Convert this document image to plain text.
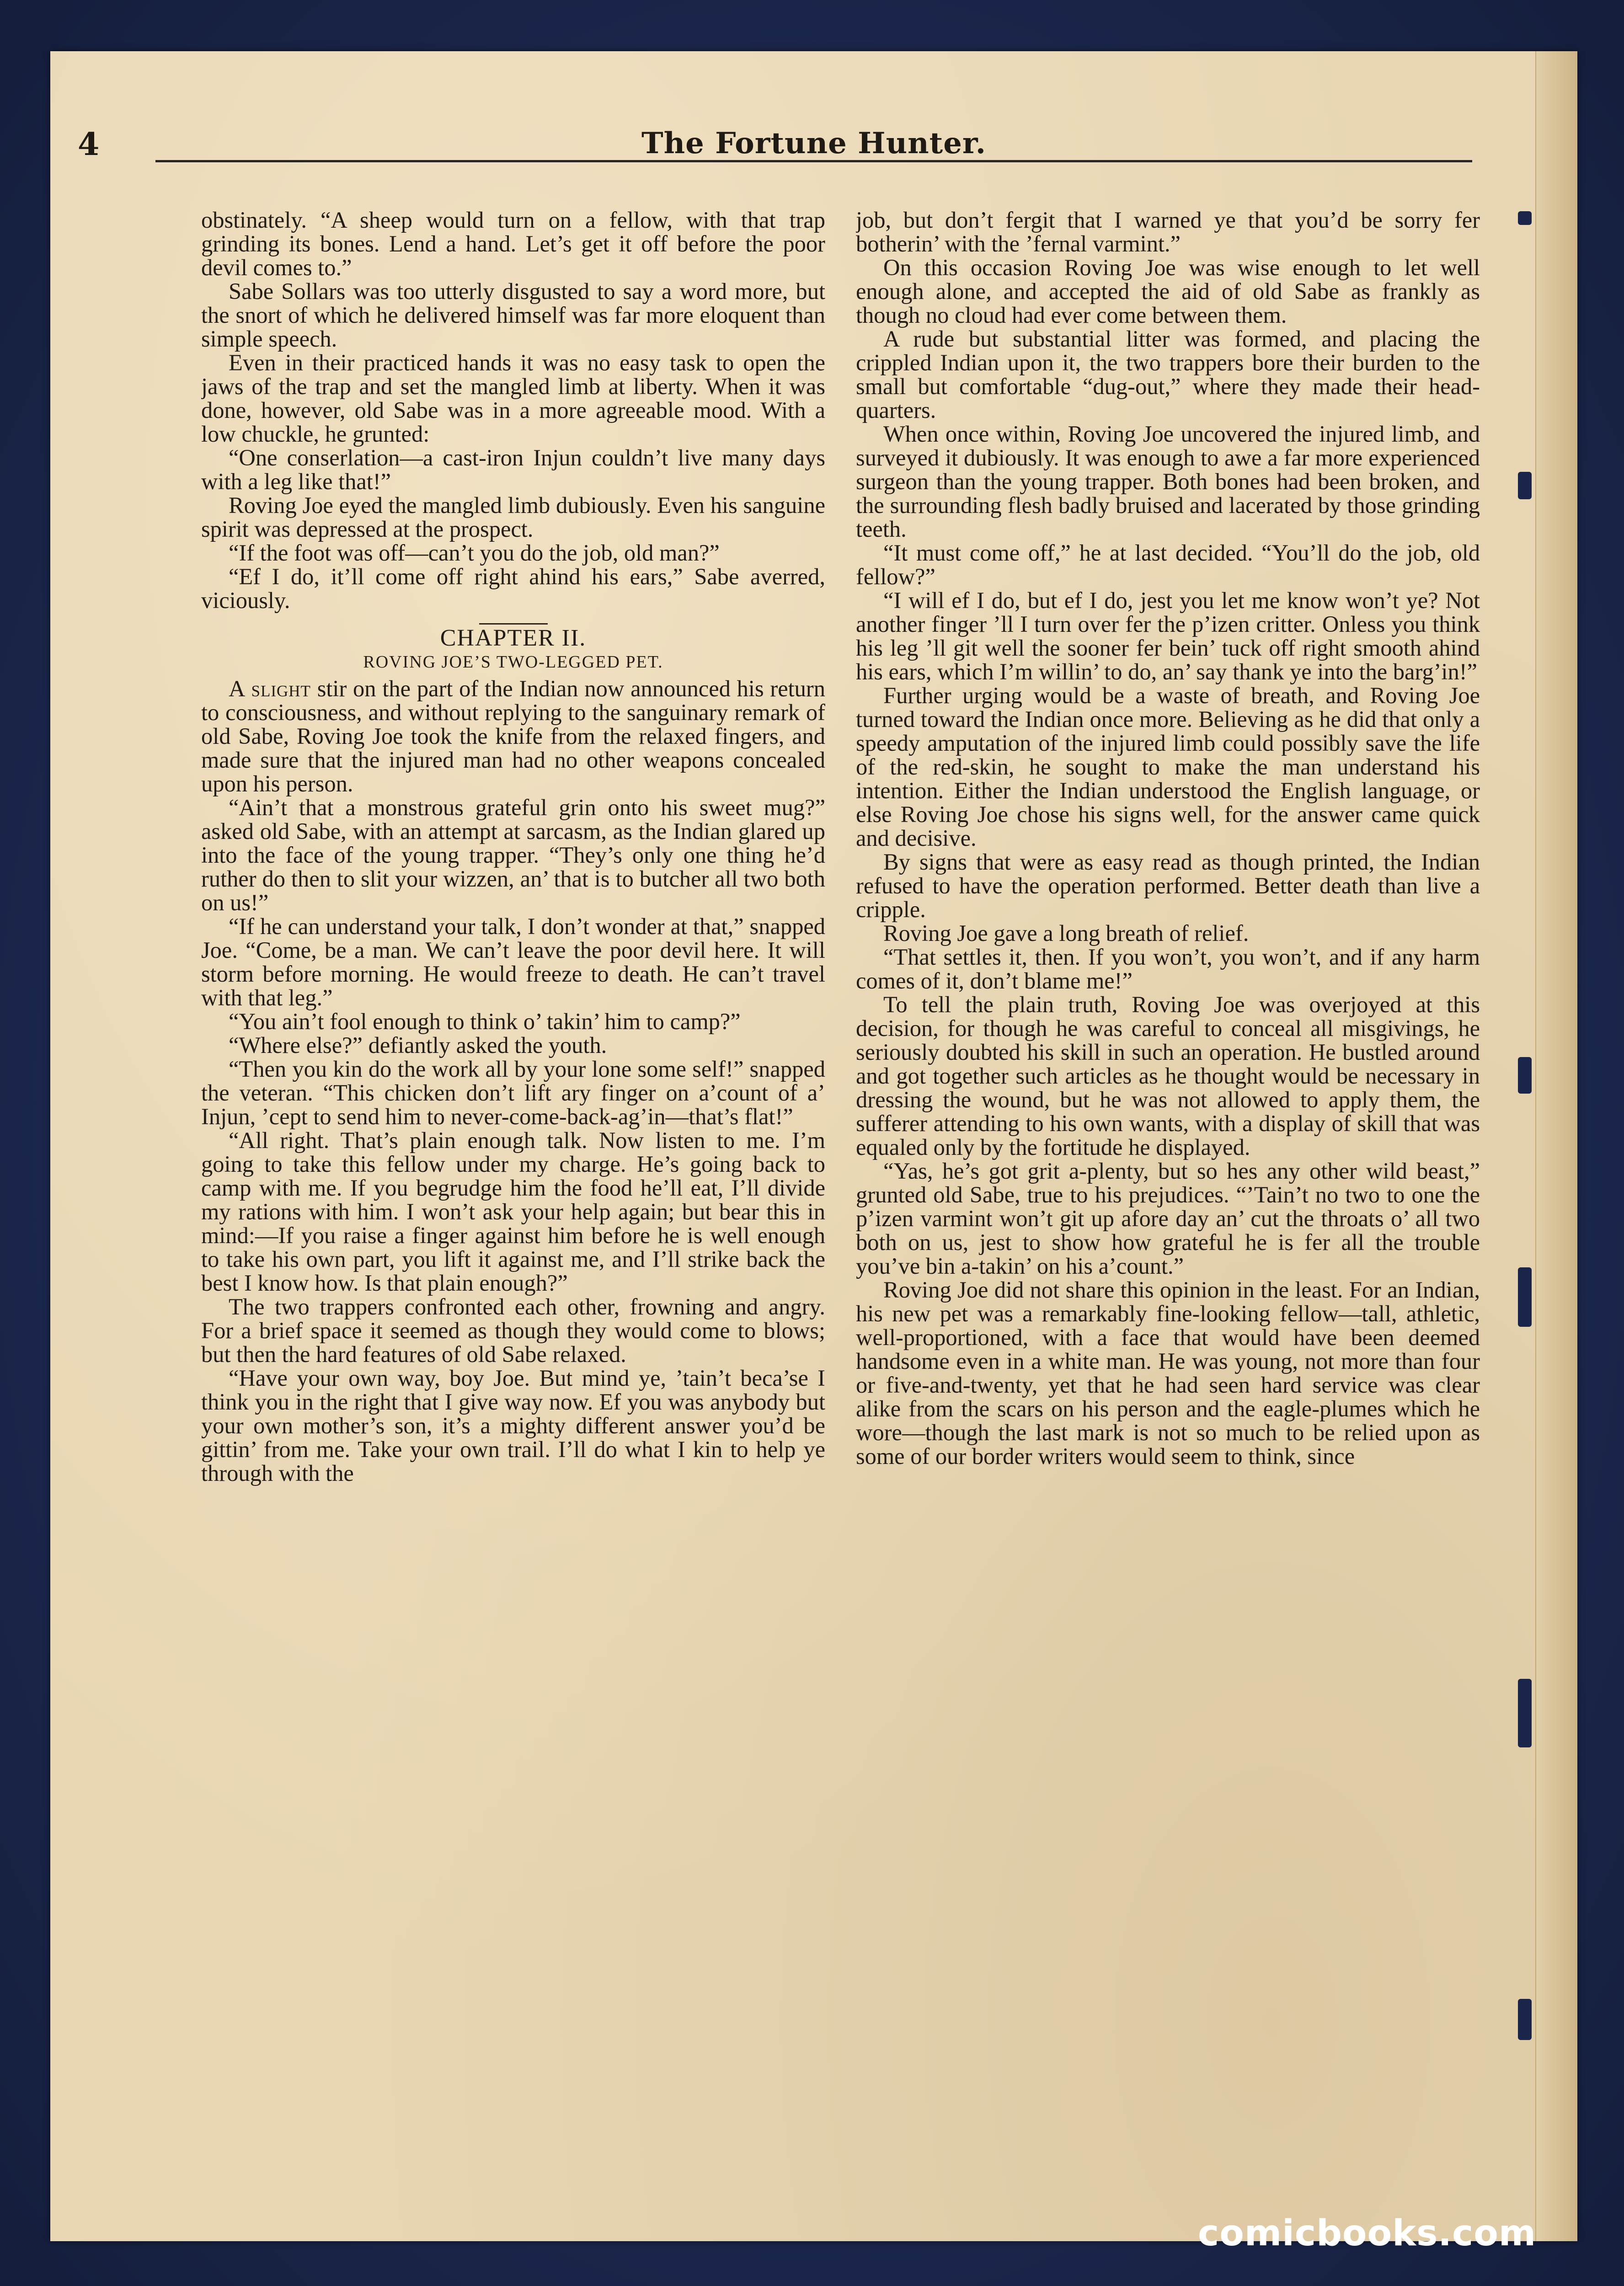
4	The Fortune Hunter.

obstinately. “A sheep would turn on a fellow, with that trap grinding its bones. Lend a hand. Let’s get it off before the poor devil comes to.”

Sabe Sollars was too utterly disgusted to say a word more, but the snort of which he delivered himself was far more eloquent than simple speech.

Even in their practiced hands it was no easy task to open the jaws of the trap and set the mangled limb at liberty. When it was done, however, old Sabe was in a more agreeable mood. With a low chuckle, he grunted:

“One conserlation—a cast-iron Injun couldn’t live many days with a leg like that!”

Roving Joe eyed the mangled limb dubiously. Even his sanguine spirit was depressed at the prospect.

“If the foot was off—can’t you do the job, old man?”

“Ef I do, it’ll come off right ahind his ears,” Sabe averred, viciously.

CHAPTER II.
ROVING JOE’S TWO-LEGGED PET.

A slight stir on the part of the Indian now announced his return to consciousness, and without replying to the sanguinary remark of old Sabe, Roving Joe took the knife from the relaxed fingers, and made sure that the injured man had no other weapons concealed upon his person.

“Ain’t that a monstrous grateful grin onto his sweet mug?” asked old Sabe, with an attempt at sarcasm, as the Indian glared up into the face of the young trapper. “They’s only one thing he’d ruther do then to slit your wizzen, an’ that is to butcher all two both on us!”

“If he can understand your talk, I don’t wonder at that,” snapped Joe. “Come, be a man. We can’t leave the poor devil here. It will storm before morning. He would freeze to death. He can’t travel with that leg.”

“You ain’t fool enough to think o’ takin’ him to camp?”

“Where else?” defiantly asked the youth.

“Then you kin do the work all by your lone some self!” snapped the veteran. “This chicken don’t lift ary finger on a’count of a’ Injun, ’cept to send him to never-come-back-ag’in—that’s flat!”

“All right. That’s plain enough talk. Now listen to me. I’m going to take this fellow under my charge. He’s going back to camp with me. If you begrudge him the food he’ll eat, I’ll divide my rations with him. I won’t ask your help again; but bear this in mind:—If you raise a finger against him before he is well enough to take his own part, you lift it against me, and I’ll strike back the best I know how. Is that plain enough?”

The two trappers confronted each other, frowning and angry. For a brief space it seemed as though they would come to blows; but then the hard features of old Sabe relaxed.

“Have your own way, boy Joe. But mind ye, ’tain’t beca’se I think you in the right that I give way now. Ef you was anybody but your own mother’s son, it’s a mighty different answer you’d be gittin’ from me. Take your own trail. I’ll do what I kin to help ye through with the

job, but don’t fergit that I warned ye that you’d be sorry fer botherin’ with the ’fernal varmint.”

On this occasion Roving Joe was wise enough to let well enough alone, and accepted the aid of old Sabe as frankly as though no cloud had ever come between them.

A rude but substantial litter was formed, and placing the crippled Indian upon it, the two trappers bore their burden to the small but comfortable “dug-out,” where they made their head-quarters.

When once within, Roving Joe uncovered the injured limb, and surveyed it dubiously. It was enough to awe a far more experienced surgeon than the young trapper. Both bones had been broken, and the surrounding flesh badly bruised and lacerated by those grinding teeth.

“It must come off,” he at last decided. “You’ll do the job, old fellow?”

“I will ef I do, but ef I do, jest you let me know won’t ye? Not another finger ’ll I turn over fer the p’izen critter. Onless you think his leg ’ll git well the sooner fer bein’ tuck off right smooth ahind his ears, which I’m willin’ to do, an’ say thank ye into the barg’in!”

Further urging would be a waste of breath, and Roving Joe turned toward the Indian once more. Believing as he did that only a speedy amputation of the injured limb could possibly save the life of the red-skin, he sought to make the man understand his intention. Either the Indian understood the English language, or else Roving Joe chose his signs well, for the answer came quick and decisive.

By signs that were as easy read as though printed, the Indian refused to have the operation performed. Better death than live a cripple.

Roving Joe gave a long breath of relief.

“That settles it, then. If you won’t, you won’t, and if any harm comes of it, don’t blame me!”

To tell the plain truth, Roving Joe was overjoyed at this decision, for though he was careful to conceal all misgivings, he seriously doubted his skill in such an operation. He bustled around and got together such articles as he thought would be necessary in dressing the wound, but he was not allowed to apply them, the sufferer attending to his own wants, with a display of skill that was equaled only by the fortitude he displayed.

“Yas, he’s got grit a-plenty, but so hes any other wild beast,” grunted old Sabe, true to his prejudices. “’Tain’t no two to one the p’izen varmint won’t git up afore day an’ cut the throats o’ all two both on us, jest to show how grateful he is fer all the trouble you’ve bin a-takin’ on his a’count.”

Roving Joe did not share this opinion in the least. For an Indian, his new pet was a remarkably fine-looking fellow—tall, athletic, well-proportioned, with a face that would have been deemed handsome even in a white man. He was young, not more than four or five-and-twenty, yet that he had seen hard service was clear alike from the scars on his person and the eagle-plumes which he wore—though the last mark is not so much to be relied upon as some of our border writers would seem to think, since

comicbooks.com
